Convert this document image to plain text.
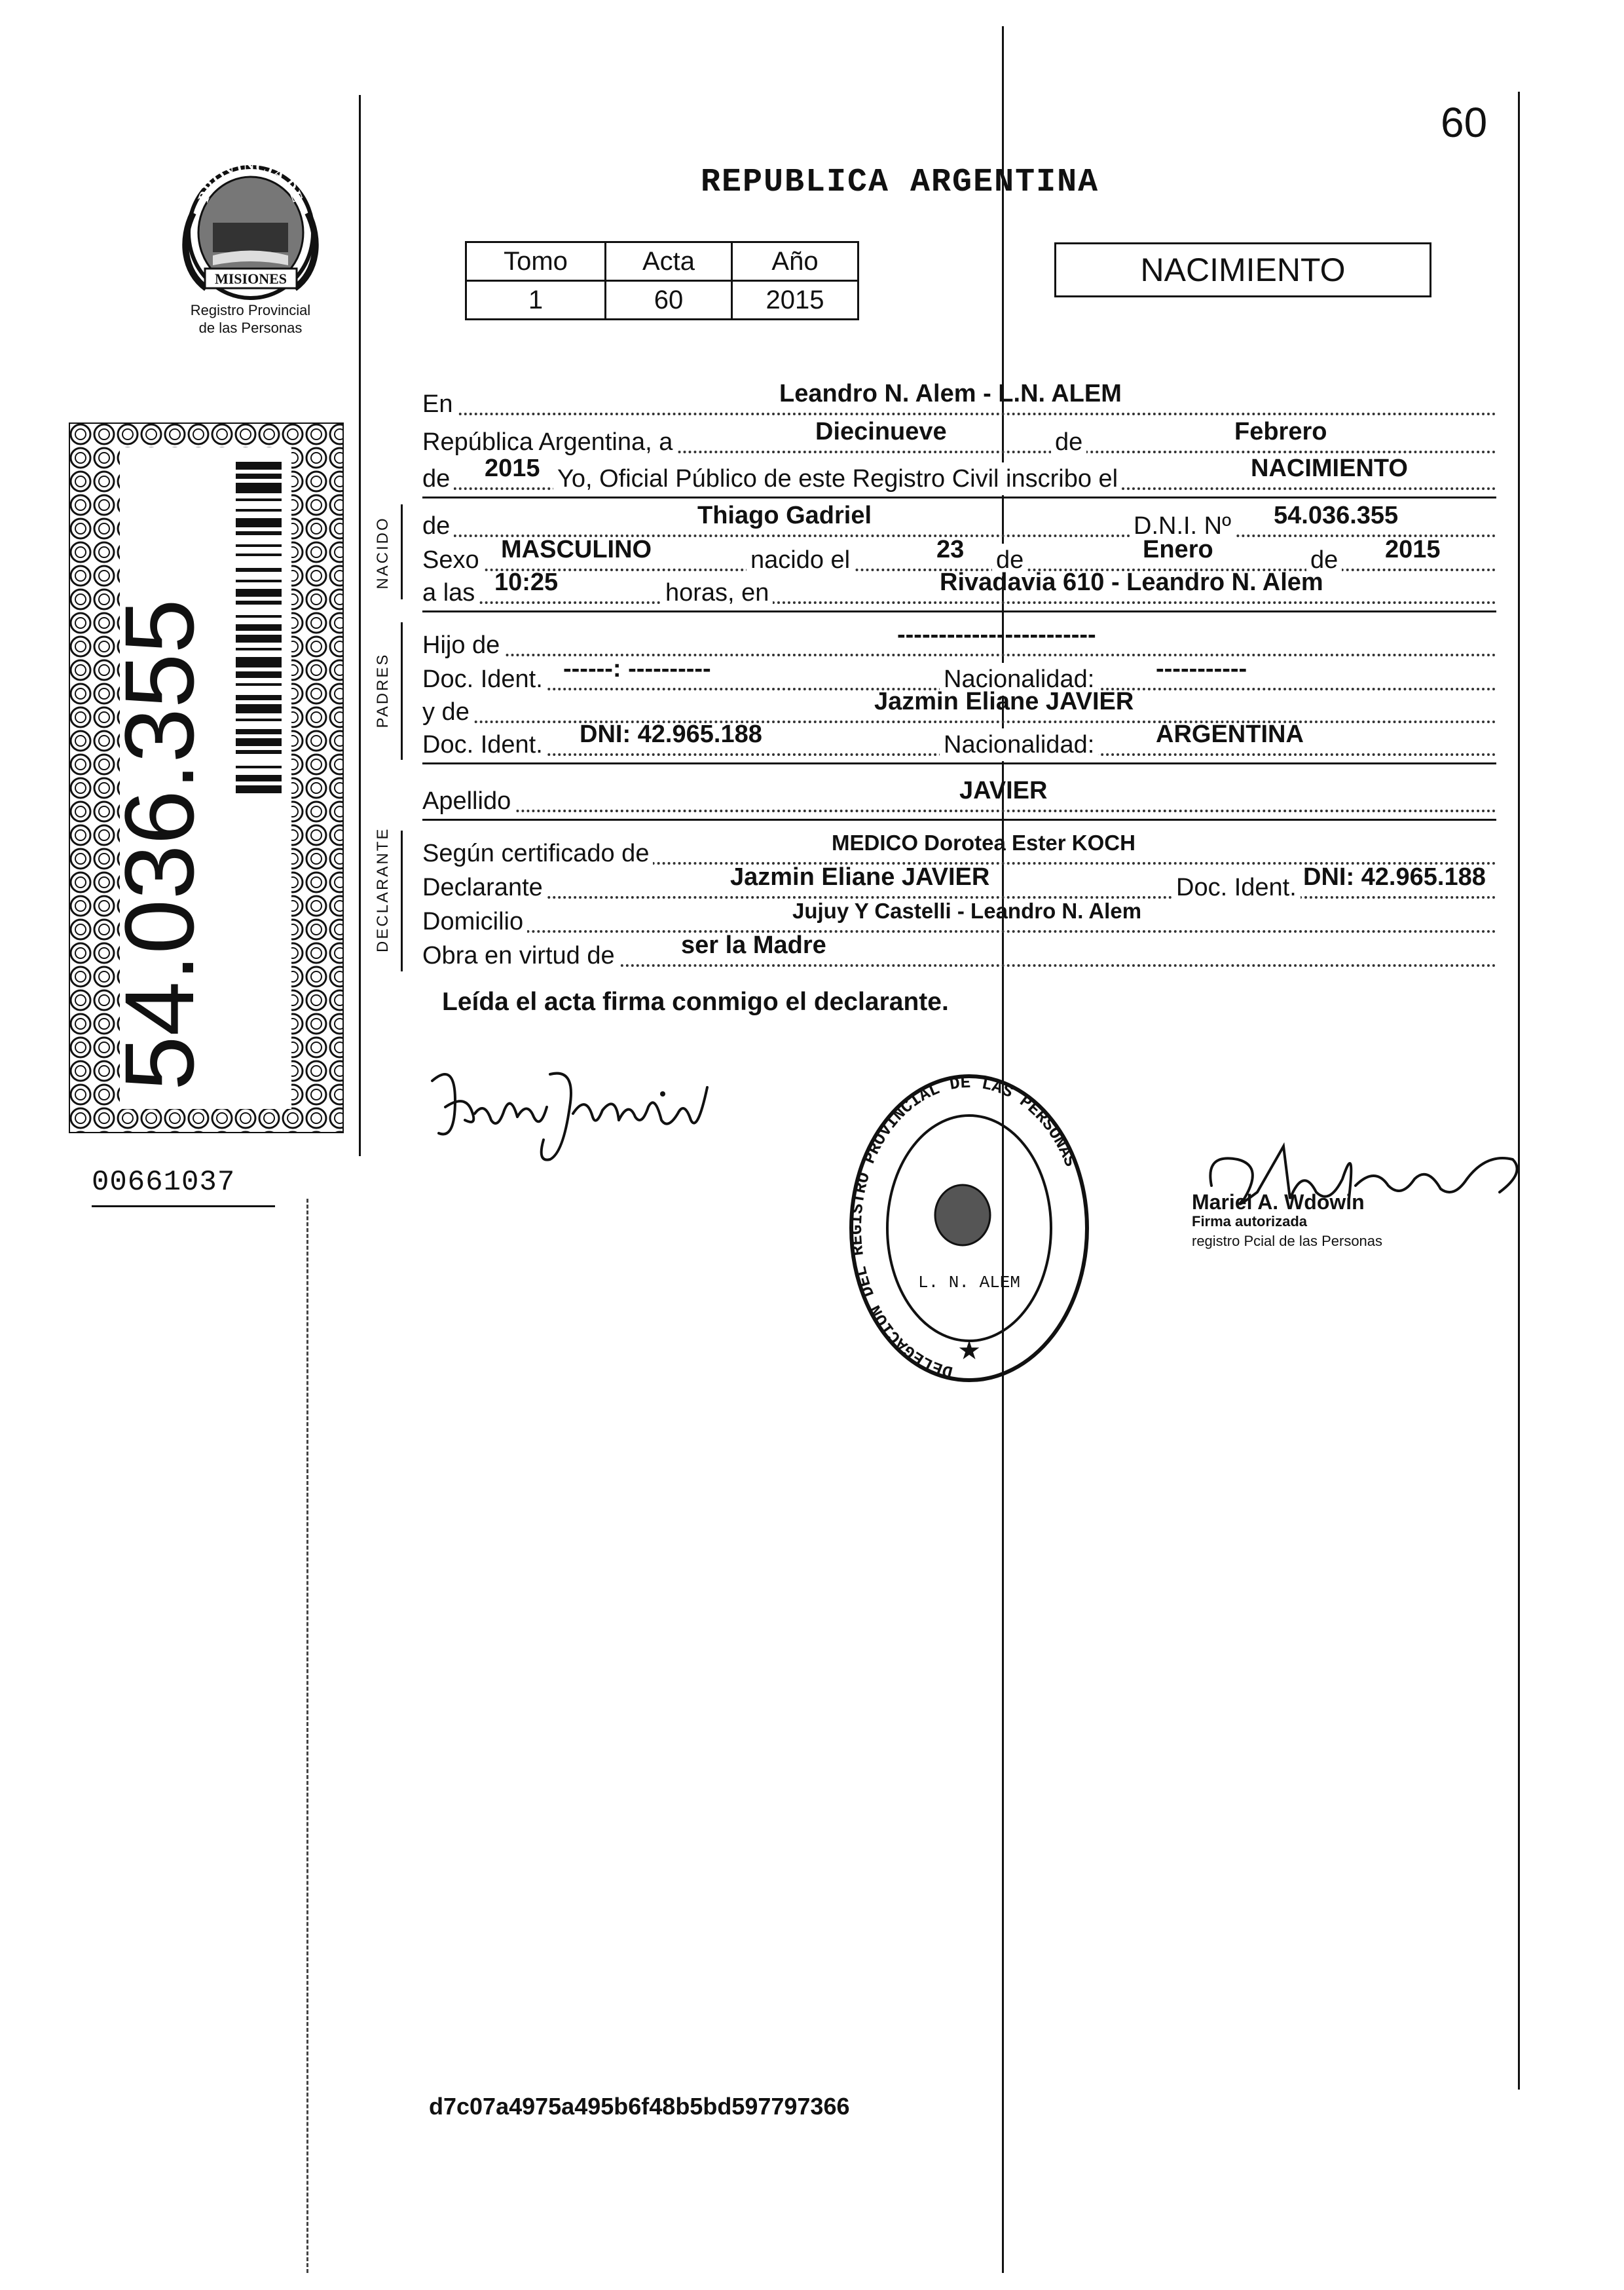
60
REPUBLICA ARGENTINA
PROVINCIA DE
MISIONES
Registro Provincial
de las Personas
54.036.355
00661037
Tomo	Acta	Año
1	60	2015
NACIMIENTO
En	Leandro N. Alem - L.N. ALEM
República Argentina, a	Diecinueve	de	Febrero
de 2015 Yo, Oficial Público de este Registro Civil inscribo el	NACIMIENTO
NACIDO de	Thiago Gadriel	D.N.I. Nº 54.036.355
Sexo MASCULINO	nacido el	23 de	Enero	de 2015
a las 10:25	horas, en	Rivadavia 610 - Leandro N. Alem
PADRES
Hijo de	------------------------
Doc. Ident. ------: ----------	Nacionalidad: -----------
y de	Jazmin Eliane JAVIER
Doc. Ident. DNI: 42.965.188	Nacionalidad: ARGENTINA
Apellido	JAVIER
DECLARANTE Según certificado de	MEDICO Dorotea Ester KOCH
Declarante	Jazmin Eliane JAVIER	Doc. Ident. DNI: 42.965.188
Domicilio	Jujuy Y Castelli - Leandro N. Alem
Obra en virtud de	ser la Madre
Leída el acta firma conmigo el declarante.
DELEGACION DEL REGISTRO PROVINCIAL DE LAS PERSONAS
L. N. ALEM
★
Mariel A. Wdowin
Firma autorizada
registro Pcial de las Personas
d7c07a4975a495b6f48b5bd597797366
